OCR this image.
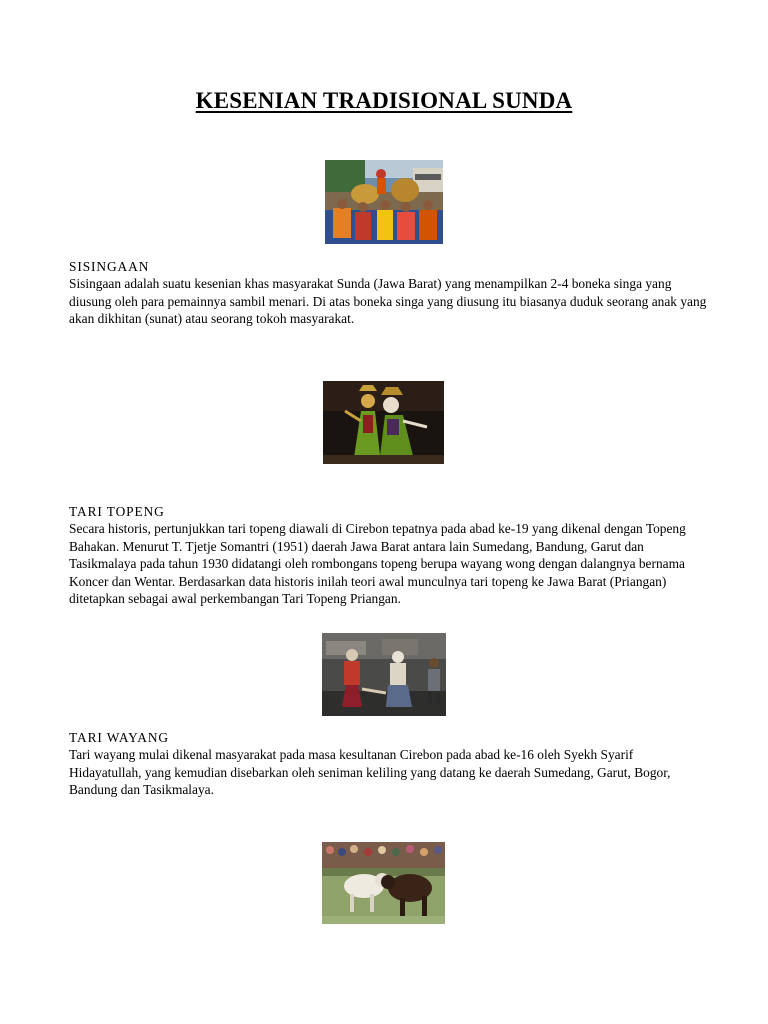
KESENIAN TRADISIONAL SUNDA
SISINGAAN

Sisingaan adalah suatu kesenian khas masyarakat Sunda (Jawa Barat) yang menampilkan 2-4 boneka singa yang diusung oleh para pemainnya sambil menari. Di atas boneka singa yang diusung itu biasanya duduk seorang anak yang akan dikhitan (sunat) atau seorang tokoh masyarakat.

TARI TOPENG

Secara historis, pertunjukkan tari topeng diawali di Cirebon tepatnya pada abad ke-19 yang dikenal dengan Topeng Bahakan. Menurut T. Tjetje Somantri (1951) daerah Jawa Barat antara lain Sumedang, Bandung, Garut dan Tasikmalaya pada tahun 1930 didatangi oleh rombongans topeng berupa wayang wong dengan dalangnya bernama Koncer dan Wentar. Berdasarkan data historis inilah teori awal munculnya tari topeng ke Jawa Barat (Priangan) ditetapkan sebagai awal perkembangan Tari Topeng Priangan.

TARI WAYANG

Tari wayang mulai dikenal masyarakat pada masa kesultanan Cirebon pada abad ke-16 oleh Syekh Syarif Hidayatullah, yang kemudian disebarkan oleh seniman keliling yang datang ke daerah Sumedang, Garut, Bogor, Bandung dan Tasikmalaya.
